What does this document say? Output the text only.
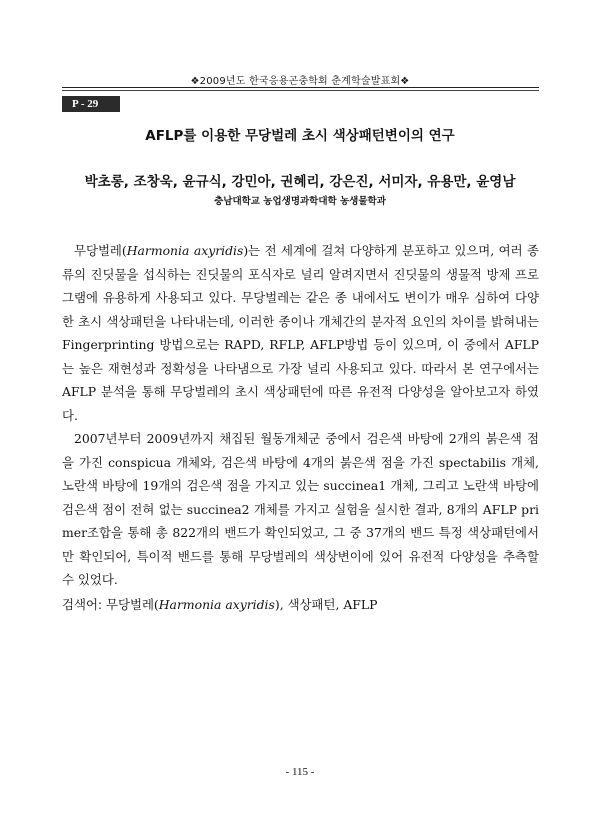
❖2009년도 한국응용곤충학회 춘계학술발표회❖
P - 29
AFLP를 이용한 무당벌레 초시 색상패턴변이의 연구
박초롱, 조창욱, 윤규식, 강민아, 권혜리, 강은진, 서미자, 유용만, 윤영남
충남대학교 농업생명과학대학 농생물학과

무당벌레(Harmonia axyridis)는 전 세계에 걸쳐 다양하게 분포하고 있으며, 여러 종류의 진딧물을 섭식하는 진딧물의 포식자로 널리 알려지면서 진딧물의 생물적 방제 프로그램에 유용하게 사용되고 있다. 무당벌레는 같은 종 내에서도 변이가 매우 심하여 다양한 초시 색상패턴을 나타내는데, 이러한 종이나 개체간의 분자적 요인의 차이를 밝혀내는 Fingerprinting 방법으로는 RAPD, RFLP, AFLP방법 등이 있으며, 이 중에서 AFLP는 높은 재현성과 정확성을 나타냄으로 가장 널리 사용되고 있다. 따라서 본 연구에서는 AFLP 분석을 통해 무당벌레의 초시 색상패턴에 따른 유전적 다양성을 알아보고자 하였다.

2007년부터 2009년까지 채집된 월동개체군 중에서 검은색 바탕에 2개의 붉은색 점을 가진 conspicua 개체와, 검은색 바탕에 4개의 붉은색 점을 가진 spectabilis 개체, 노란색 바탕에 19개의 검은색 점을 가지고 있는 succinea1 개체, 그리고 노란색 바탕에 검은색 점이 전혀 없는 succinea2 개체를 가지고 실험을 실시한 결과, 8개의 AFLP primer조합을 통해 총 822개의 밴드가 확인되었고, 그 중 37개의 밴드 특정 색상패턴에서만 확인되어, 특이적 밴드를 통해 무당벌레의 색상변이에 있어 유전적 다양성을 추측할 수 있었다.

검색어: 무당벌레(Harmonia axyridis), 색상패턴, AFLP
- 115 -
